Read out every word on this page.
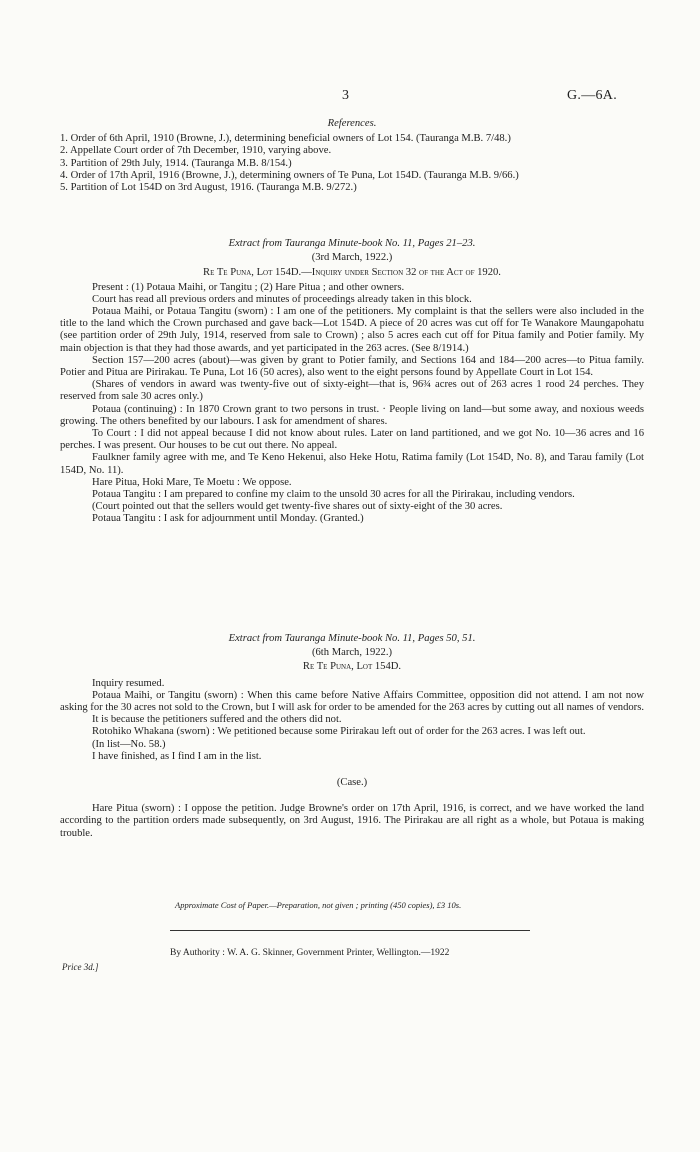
3	G.—6A.

References.

1. Order of 6th April, 1910 (Browne, J.), determining beneficial owners of Lot 154. (Tauranga M.B. 7/48.)

2. Appellate Court order of 7th December, 1910, varying above.

3. Partition of 29th July, 1914. (Tauranga M.B. 8/154.)

4. Order of 17th April, 1916 (Browne, J.), determining owners of Te Puna, Lot 154D. (Tauranga M.B. 9/66.)

5. Partition of Lot 154D on 3rd August, 1916. (Tauranga M.B. 9/272.)

Extract from Tauranga Minute-book No. 11, Pages 21–23.

(3rd March, 1922.)

Re Te Puna, Lot 154D.—Inquiry under Section 32 of the Act of 1920.

Present : (1) Potaua Maihi, or Tangitu ; (2) Hare Pitua ; and other owners.

Court has read all previous orders and minutes of proceedings already taken in this block.

Potaua Maihi, or Potaua Tangitu (sworn) : I am one of the petitioners. My complaint is that the sellers were also included in the title to the land which the Crown purchased and gave back—Lot 154D. A piece of 20 acres was cut off for Te Wanakore Maungapohatu (see partition order of 29th July, 1914, reserved from sale to Crown) ; also 5 acres each cut off for Pitua family and Potier family. My main objection is that they had those awards, and yet participated in the 263 acres. (See 8/1914.)

Section 157—200 acres (about)—was given by grant to Potier family, and Sections 164 and 184—200 acres—to Pitua family. Potier and Pitua are Pirirakau. Te Puna, Lot 16 (50 acres), also went to the eight persons found by Appellate Court in Lot 154.

(Shares of vendors in award was twenty-five out of sixty-eight—that is, 96¾ acres out of 263 acres 1 rood 24 perches. They reserved from sale 30 acres only.)

Potaua (continuing) : In 1870 Crown grant to two persons in trust. · People living on land—but some away, and noxious weeds growing. The others benefited by our labours. I ask for amendment of shares.

To Court : I did not appeal because I did not know about rules. Later on land partitioned, and we got No. 10—36 acres and 16 perches. I was present. Our houses to be cut out there. No appeal.

Faulkner family agree with me, and Te Keno Hekenui, also Heke Hotu, Ratima family (Lot 154D, No. 8), and Tarau family (Lot 154D, No. 11).

Hare Pitua, Hoki Mare, Te Moetu : We oppose.

Potaua Tangitu : I am prepared to confine my claim to the unsold 30 acres for all the Pirirakau, including vendors.

(Court pointed out that the sellers would get twenty-five shares out of sixty-eight of the 30 acres.

Potaua Tangitu : I ask for adjournment until Monday. (Granted.)

Extract from Tauranga Minute-book No. 11, Pages 50, 51.

(6th March, 1922.)

Re Te Puna, Lot 154D.

Inquiry resumed.

Potaua Maihi, or Tangitu (sworn) : When this came before Native Affairs Committee, opposition did not attend. I am not now asking for the 30 acres not sold to the Crown, but I will ask for order to be amended for the 263 acres by cutting out all names of vendors.

It is because the petitioners suffered and the others did not.

Rotohiko Whakana (sworn) : We petitioned because some Pirirakau left out of order for the 263 acres. I was left out.

(In list—No. 58.)

I have finished, as I find I am in the list.

(Case.)

Hare Pitua (sworn) : I oppose the petition. Judge Browne's order on 17th April, 1916, is correct, and we have worked the land according to the partition orders made subsequently, on 3rd August, 1916. The Pirirakau are all right as a whole, but Potaua is making trouble.

Approximate Cost of Paper.—Preparation, not given ; printing (450 copies), £3 10s.
By Authority : W. A. G. Skinner, Government Printer, Wellington.—1922
Price 3d.]
